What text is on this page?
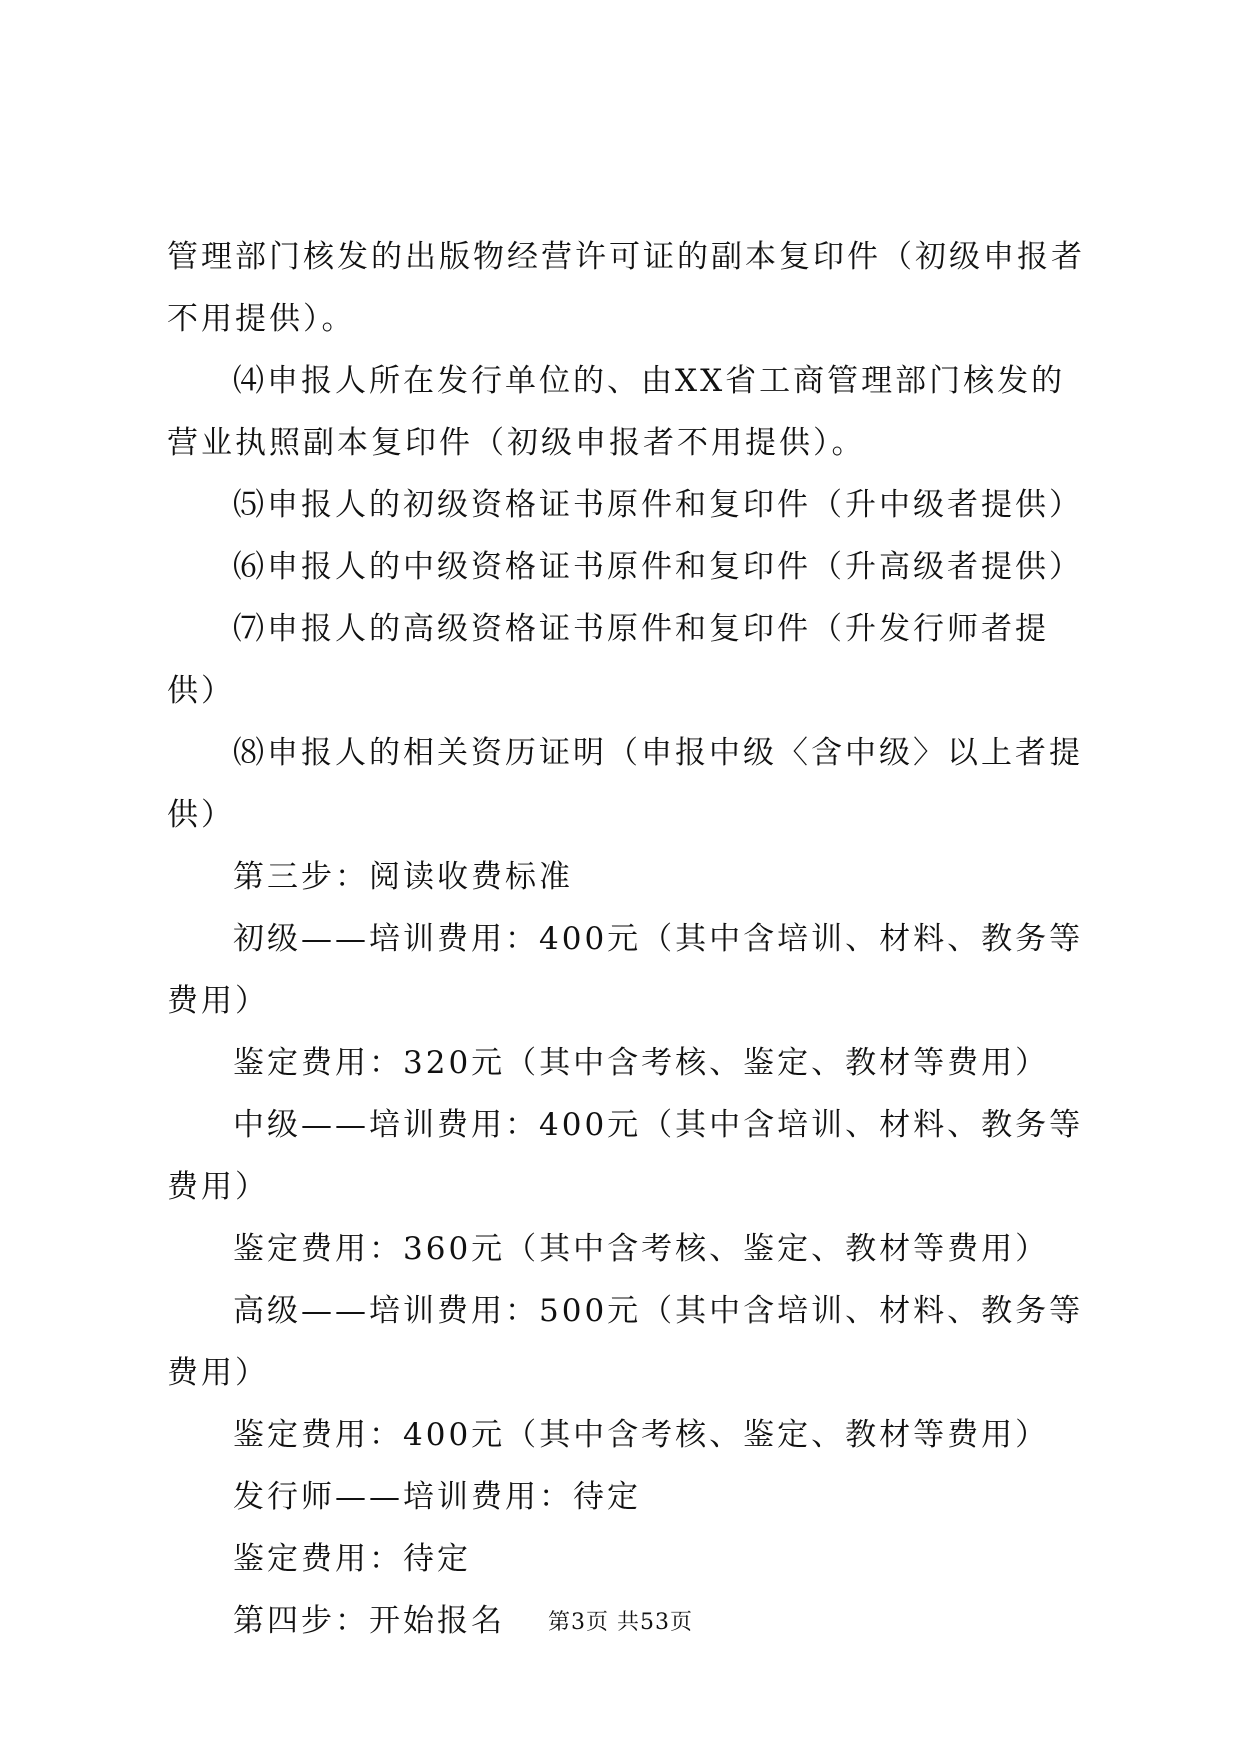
管理部门核发的出版物经营许可证的副本复印件（初级申报者不用提供）。

⑷申报人所在发行单位的、由XX省工商管理部门核发的营业执照副本复印件（初级申报者不用提供）。

⑸申报人的初级资格证书原件和复印件（升中级者提供）

⑹申报人的中级资格证书原件和复印件（升高级者提供）

⑺申报人的高级资格证书原件和复印件（升发行师者提供）

⑻申报人的相关资历证明（申报中级〈含中级〉以上者提供）

第三步：阅读收费标准

初级——培训费用：400元（其中含培训、材料、教务等费用）

鉴定费用：320元（其中含考核、鉴定、教材等费用）

中级——培训费用：400元（其中含培训、材料、教务等费用）

鉴定费用：360元（其中含考核、鉴定、教材等费用）

高级——培训费用：500元（其中含培训、材料、教务等费用）

鉴定费用：400元（其中含考核、鉴定、教材等费用）

发行师——培训费用：待定

鉴定费用：待定

第四步：开始报名	第3页 共53页
